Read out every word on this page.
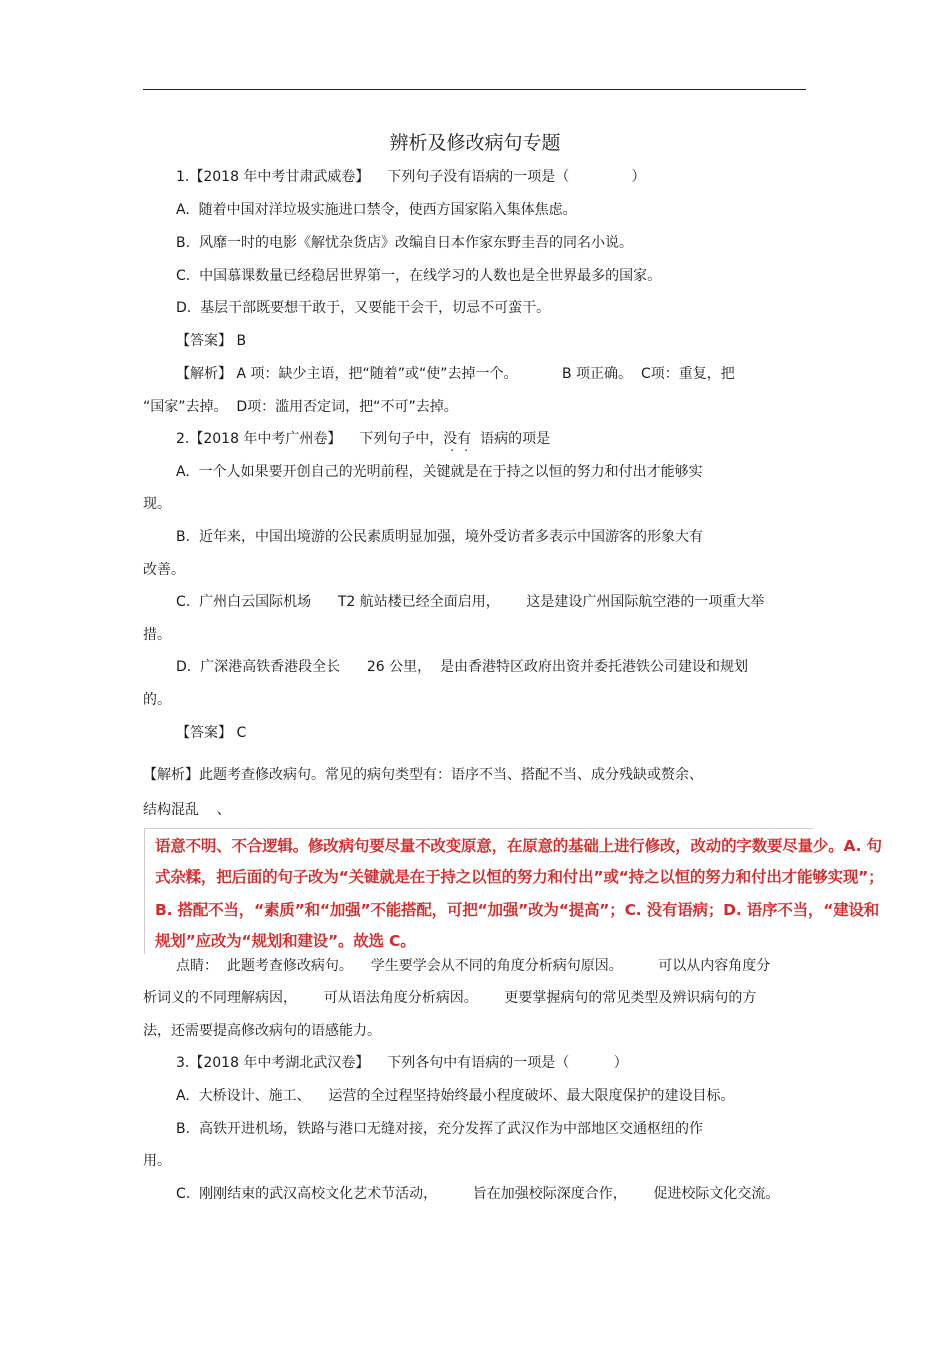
辨析及修改病句专题
1.【2018 年中考甘肃武威卷】    下列句子没有语病的一项是（              ）
A.  随着中国对洋垃圾实施进口禁令，使西方国家陷入集体焦虑。
B.  风靡一时的电影《解忧杂货店》改编自日本作家东野圭吾的同名小说。
C.  中国慕课数量已经稳居世界第一，在线学习的人数也是全世界最多的国家。
D.  基层干部既要想干敢于，又要能干会干，切忌不可蛮干。
【答案】 B
【解析】 A 项：缺少主语，把“随着”或“使”去掉一个。          B 项正确。  C项：重复，把
“国家”去掉。  D项：滥用否定词，把“不可”去掉。
2.【2018 年中考广州卷】    下列句子中，没有  语病的项是
A.  一个人如果要开创自己的光明前程，关键就是在于持之以恒的努力和付出才能够实
现。
B.  近年来，中国出境游的公民素质明显加强，境外受访者多表示中国游客的形象大有
改善。
C.  广州白云国际机场      T2 航站楼已经全面启用，      这是建设广州国际航空港的一项重大举
措。
D.  广深港高铁香港段全长      26 公里，  是由香港特区政府出资并委托港铁公司建设和规划
的。
【答案】 C
【解析】此题考查修改病句。常见的病句类型有：语序不当、搭配不当、成分残缺或赘余、
结构混乱    、
语意不明、不合逻辑。修改病句要尽量不改变原意，在原意的基础上进行修改，改动的字数要尽量少。A. 句
式杂糅，把后面的句子改为“关键就是在于持之以恒的努力和付出”或“持之以恒的努力和付出才能够实现”；
B. 搭配不当，“素质”和“加强”不能搭配，可把“加强”改为“提高”；C. 没有语病；D. 语序不当，“建设和
规划”应改为“规划和建设”。故选 C。
点睛：  此题考查修改病句。    学生要学会从不同的角度分析病句原因。        可以从内容角度分
析词义的不同理解病因，      可从语法角度分析病因。      更要掌握病句的常见类型及辨识病句的方
法，还需要提高修改病句的语感能力。
3.【2018 年中考湖北武汉卷】    下列各句中有语病的一项是（          ）
A.  大桥设计、施工、    运营的全过程坚持始终最小程度破坏、最大限度保护的建设目标。
B.  高铁开进机场，铁路与港口无缝对接，充分发挥了武汉作为中部地区交通枢纽的作
用。
C.  刚刚结束的武汉高校文化艺术节活动，        旨在加强校际深度合作，      促进校际文化交流。
